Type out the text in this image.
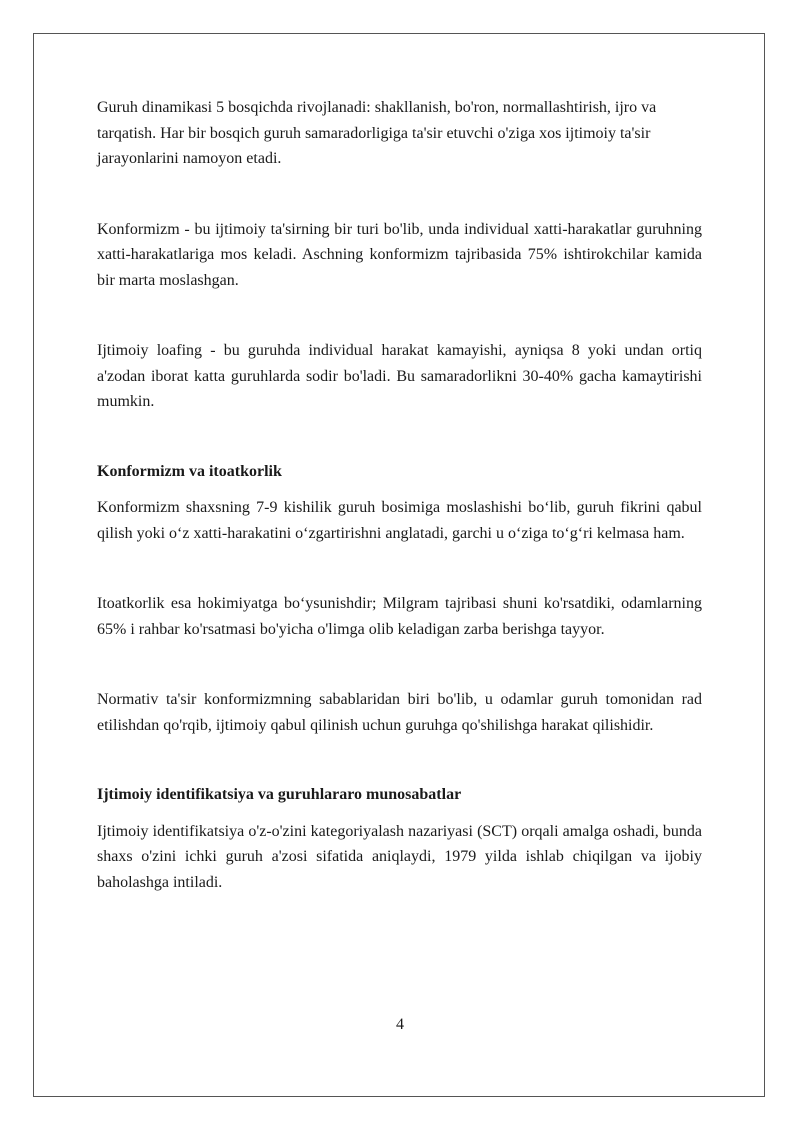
Guruh dinamikasi 5 bosqichda rivojlanadi: shakllanish, bo'ron, normallashtirish, ijro va tarqatish. Har bir bosqich guruh samaradorligiga ta'sir etuvchi o'ziga xos ijtimoiy ta'sir jarayonlarini namoyon etadi.

Konformizm - bu ijtimoiy ta'sirning bir turi bo'lib, unda individual xatti-harakatlar guruhning xatti-harakatlariga mos keladi. Aschning konformizm tajribasida 75% ishtirokchilar kamida bir marta moslashgan.

Ijtimoiy loafing - bu guruhda individual harakat kamayishi, ayniqsa 8 yoki undan ortiq a'zodan iborat katta guruhlarda sodir bo'ladi. Bu samaradorlikni 30-40% gacha kamaytirishi mumkin.

Konformizm va itoatkorlik

Konformizm shaxsning 7-9 kishilik guruh bosimiga moslashishi bo‘lib, guruh fikrini qabul qilish yoki o‘z xatti-harakatini o‘zgartirishni anglatadi, garchi u o‘ziga to‘g‘ri kelmasa ham.

Itoatkorlik esa hokimiyatga bo‘ysunishdir; Milgram tajribasi shuni ko'rsatdiki, odamlarning 65% i rahbar ko'rsatmasi bo'yicha o'limga olib keladigan zarba berishga tayyor.

Normativ ta'sir konformizmning sabablaridan biri bo'lib, u odamlar guruh tomonidan rad etilishdan qo'rqib, ijtimoiy qabul qilinish uchun guruhga qo'shilishga harakat qilishidir.

Ijtimoiy identifikatsiya va guruhlararo munosabatlar

Ijtimoiy identifikatsiya o'z-o'zini kategoriyalash nazariyasi (SCT) orqali amalga oshadi, bunda shaxs o'zini ichki guruh a'zosi sifatida aniqlaydi, 1979 yilda ishlab chiqilgan va ijobiy baholashga intiladi.

4
